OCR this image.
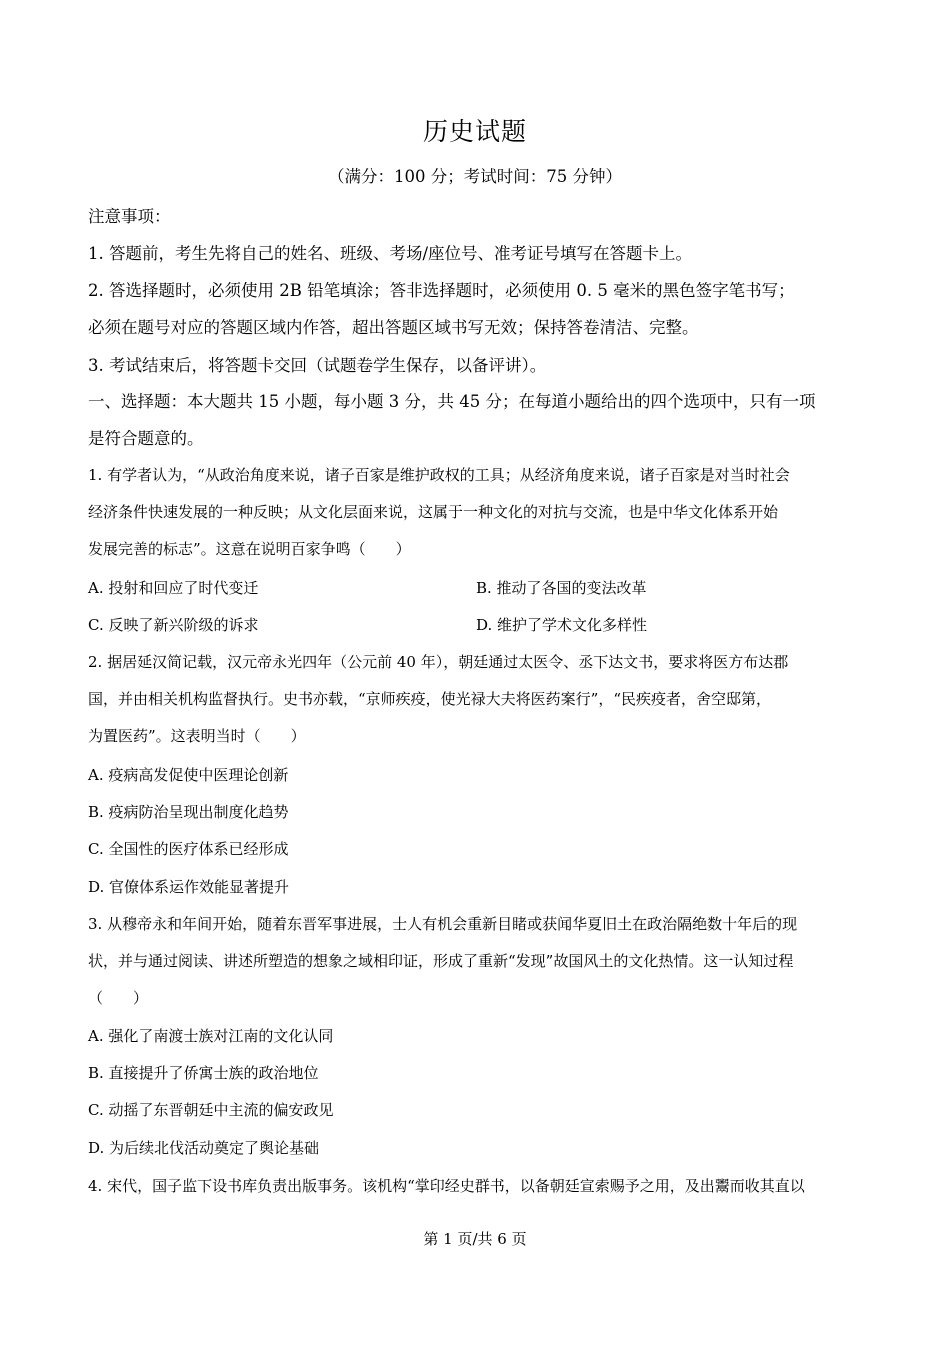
历史试题
（满分：100 分；考试时间：75 分钟）
注意事项：
1. 答题前，考生先将自己的姓名、班级、考场/座位号、准考证号填写在答题卡上。
2. 答选择题时，必须使用 2B 铅笔填涂；答非选择题时，必须使用 0. 5 毫米的黑色签字笔书写；
必须在题号对应的答题区域内作答，超出答题区域书写无效；保持答卷清洁、完整。
3. 考试结束后，将答题卡交回（试题卷学生保存，以备评讲）。
一、选择题：本大题共 15 小题，每小题 3 分，共 45 分；在每道小题给出的四个选项中，只有一项
是符合题意的。
1. 有学者认为，“从政治角度来说，诸子百家是维护政权的工具；从经济角度来说，诸子百家是对当时社会
经济条件快速发展的一种反映；从文化层面来说，这属于一种文化的对抗与交流，也是中华文化体系开始
发展完善的标志”。这意在说明百家争鸣（　　）
A. 投射和回应了时代变迁	B. 推动了各国的变法改革
C. 反映了新兴阶级的诉求	D. 维护了学术文化多样性
2. 据居延汉简记载，汉元帝永光四年（公元前 40 年），朝廷通过太医令、丞下达文书，要求将医方布达郡
国，并由相关机构监督执行。史书亦载，“京师疾疫，使光禄大夫将医药案行”，“民疾疫者，舍空邸第，
为置医药”。这表明当时（　　）
A. 疫病高发促使中医理论创新
B. 疫病防治呈现出制度化趋势
C. 全国性的医疗体系已经形成
D. 官僚体系运作效能显著提升
3. 从穆帝永和年间开始，随着东晋军事进展，士人有机会重新目睹或获闻华夏旧土在政治隔绝数十年后的现
状，并与通过阅读、讲述所塑造的想象之域相印证，形成了重新“发现”故国风土的文化热情。这一认知过程
（　　）
A. 强化了南渡士族对江南的文化认同
B. 直接提升了侨寓士族的政治地位
C. 动摇了东晋朝廷中主流的偏安政见
D. 为后续北伐活动奠定了舆论基础
4. 宋代，国子监下设书库负责出版事务。该机构“掌印经史群书，以备朝廷宣索赐予之用，及出鬻而收其直以
第 1 页/共 6 页
